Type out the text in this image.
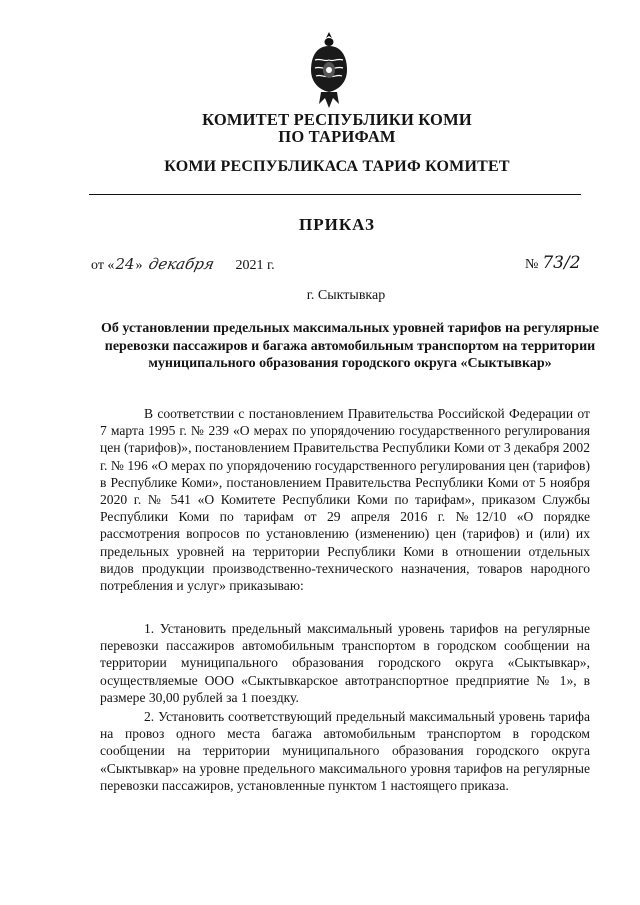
КОМИТЕТ РЕСПУБЛИКИ КОМИ
ПО ТАРИФАМ
КОМИ РЕСПУБЛИКАСА ТАРИФ КОМИТЕТ
ПРИКАЗ
от «24» декабря 2021 г.	№ 73/2
г. Сыктывкар
Об установлении предельных максимальных уровней тарифов на регулярные перевозки пассажиров и багажа автомобильным транспортом на территории муниципального образования городского округа «Сыктывкар»

В соответствии с постановлением Правительства Российской Федерации от 7 марта 1995 г. № 239 «О мерах по упорядочению государственного регулирования цен (тарифов)», постановлением Правительства Республики Коми от 3 декабря 2002 г. № 196 «О мерах по упорядочению государственного регулирования цен (тарифов) в Республике Коми», постановлением Правительства Республики Коми от 5 ноября 2020 г. № 541 «О Комитете Республики Коми по тарифам», приказом Службы Республики Коми по тарифам от 29 апреля 2016 г. №12/10 «О порядке рассмотрения вопросов по установлению (изменению) цен (тарифов) и (или) их предельных уровней на территории Республики Коми в отношении отдельных видов продукции производственно-технического назначения, товаров народного потребления и услуг» приказываю:

1. Установить предельный максимальный уровень тарифов на регулярные перевозки пассажиров автомобильным транспортом в городском сообщении на территории муниципального образования городского округа «Сыктывкар», осуществляемые ООО «Сыктывкарское автотранспортное предприятие № 1», в размере 30,00 рублей за 1 поездку.

2. Установить соответствующий предельный максимальный уровень тарифа на провоз одного места багажа автомобильным транспортом в городском сообщении на территории муниципального образования городского округа «Сыктывкар» на уровне предельного максимального уровня тарифов на регулярные перевозки пассажиров, установленные пунктом 1 настоящего приказа.
